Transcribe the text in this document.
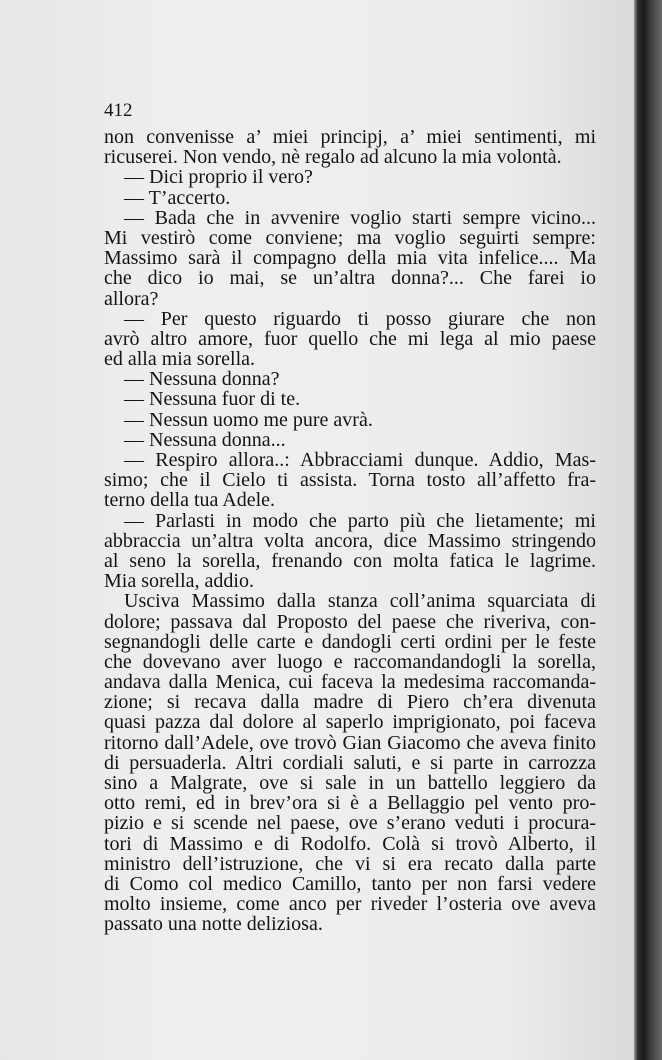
412
non convenisse a’ miei principj, a’ miei sentimenti, mi
ricuserei. Non vendo, nè regalo ad alcuno la mia volontà.
— Dici proprio il vero?
— T’accerto.
— Bada che in avvenire voglio starti sempre vicino...
Mi vestirò come conviene; ma voglio seguirti sempre:
Massimo sarà il compagno della mia vita infelice.... Ma
che dico io mai, se un’altra donna?... Che farei io
allora?
— Per questo riguardo ti posso giurare che non
avrò altro amore, fuor quello che mi lega al mio paese
ed alla mia sorella.
— Nessuna donna?
— Nessuna fuor di te.
— Nessun uomo me pure avrà.
— Nessuna donna...
— Respiro allora..: Abbracciami dunque. Addio, Mas-
simo; che il Cielo ti assista. Torna tosto all’affetto fra-
terno della tua Adele.
— Parlasti in modo che parto più che lietamente; mi
abbraccia un’altra volta ancora, dice Massimo stringendo
al seno la sorella, frenando con molta fatica le lagrime.
Mia sorella, addio.
Usciva Massimo dalla stanza coll’anima squarciata di
dolore; passava dal Proposto del paese che riveriva, con-
segnandogli delle carte e dandogli certi ordini per le feste
che dovevano aver luogo e raccomandandogli la sorella,
andava dalla Menica, cui faceva la medesima raccomanda-
zione; si recava dalla madre di Piero ch’era divenuta
quasi pazza dal dolore al saperlo imprigionato, poi faceva
ritorno dall’Adele, ove trovò Gian Giacomo che aveva finito
di persuaderla. Altri cordiali saluti, e si parte in carrozza
sino a Malgrate, ove si sale in un battello leggiero da
otto remi, ed in brev’ora si è a Bellaggio pel vento pro-
pizio e si scende nel paese, ove s’erano veduti i procura-
tori di Massimo e di Rodolfo. Colà si trovò Alberto, il
ministro dell’istruzione, che vi si era recato dalla parte
di Como col medico Camillo, tanto per non farsi vedere
molto insieme, come anco per riveder l’osteria ove aveva
passato una notte deliziosa.
